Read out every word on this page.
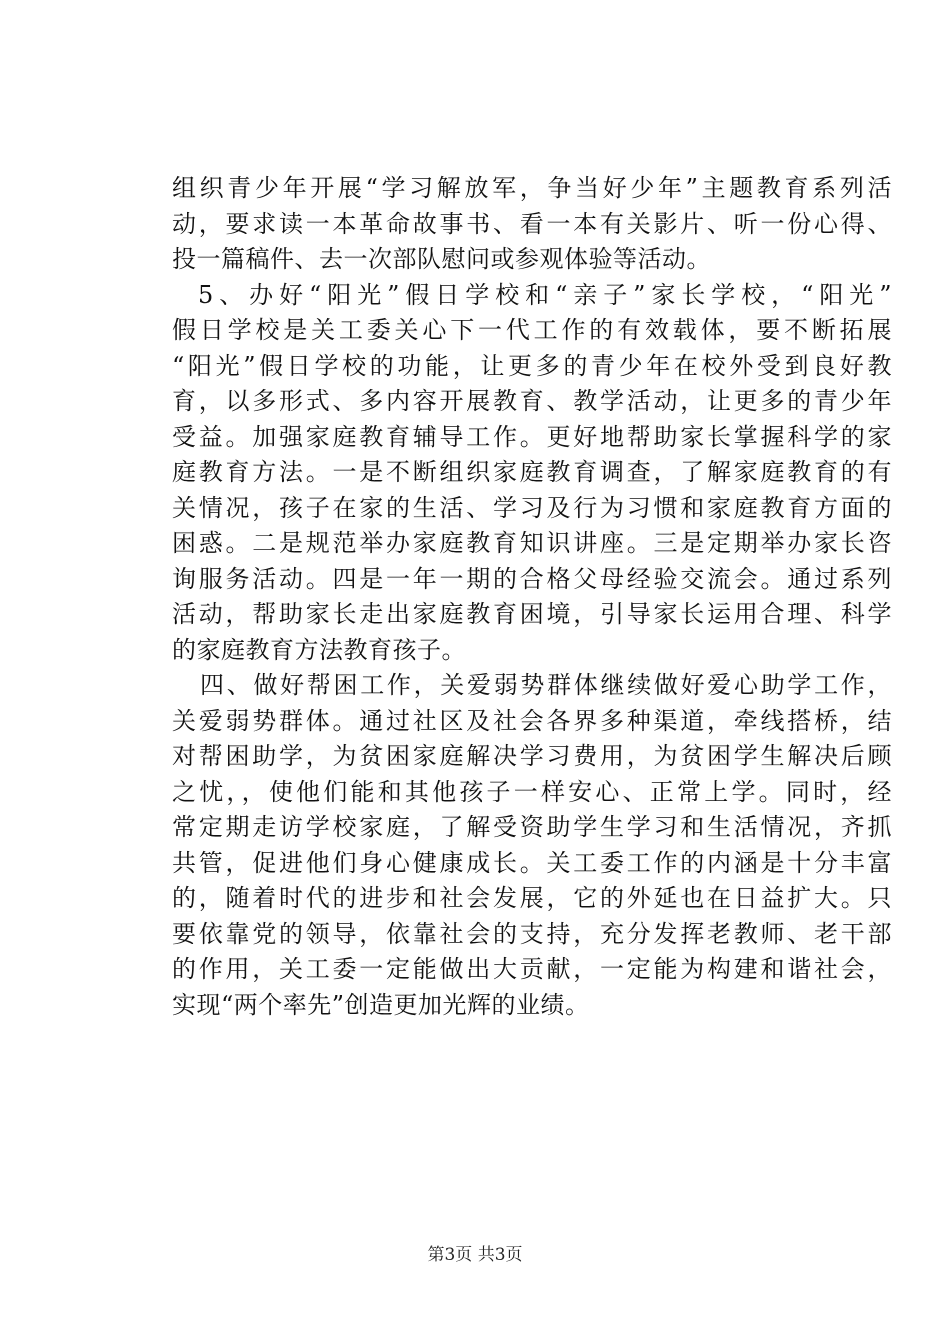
组织青少年开展“学习解放军，争当好少年”主题教育系列活
动，要求读一本革命故事书、看一本有关影片、听一份心得、
投一篇稿件、去一次部队慰问或参观体验等活动。
5、办好“阳光”假日学校和“亲子”家长学校，“阳光”
假日学校是关工委关心下一代工作的有效载体，要不断拓展
“阳光”假日学校的功能，让更多的青少年在校外受到良好教
育，以多形式、多内容开展教育、教学活动，让更多的青少年
受益。加强家庭教育辅导工作。更好地帮助家长掌握科学的家
庭教育方法。一是不断组织家庭教育调查，了解家庭教育的有
关情况，孩子在家的生活、学习及行为习惯和家庭教育方面的
困惑。二是规范举办家庭教育知识讲座。三是定期举办家长咨
询服务活动。四是一年一期的合格父母经验交流会。通过系列
活动，帮助家长走出家庭教育困境，引导家长运用合理、科学
的家庭教育方法教育孩子。
四、做好帮困工作，关爱弱势群体继续做好爱心助学工作，
关爱弱势群体。通过社区及社会各界多种渠道，牵线搭桥，结
对帮困助学，为贫困家庭解决学习费用，为贫困学生解决后顾
之忧，，使他们能和其他孩子一样安心、正常上学。同时，经
常定期走访学校家庭，了解受资助学生学习和生活情况，齐抓
共管，促进他们身心健康成长。关工委工作的内涵是十分丰富
的，随着时代的进步和社会发展，它的外延也在日益扩大。只
要依靠党的领导，依靠社会的支持，充分发挥老教师、老干部
的作用，关工委一定能做出大贡献，一定能为构建和谐社会，
实现“两个率先”创造更加光辉的业绩。
第3页 共3页
